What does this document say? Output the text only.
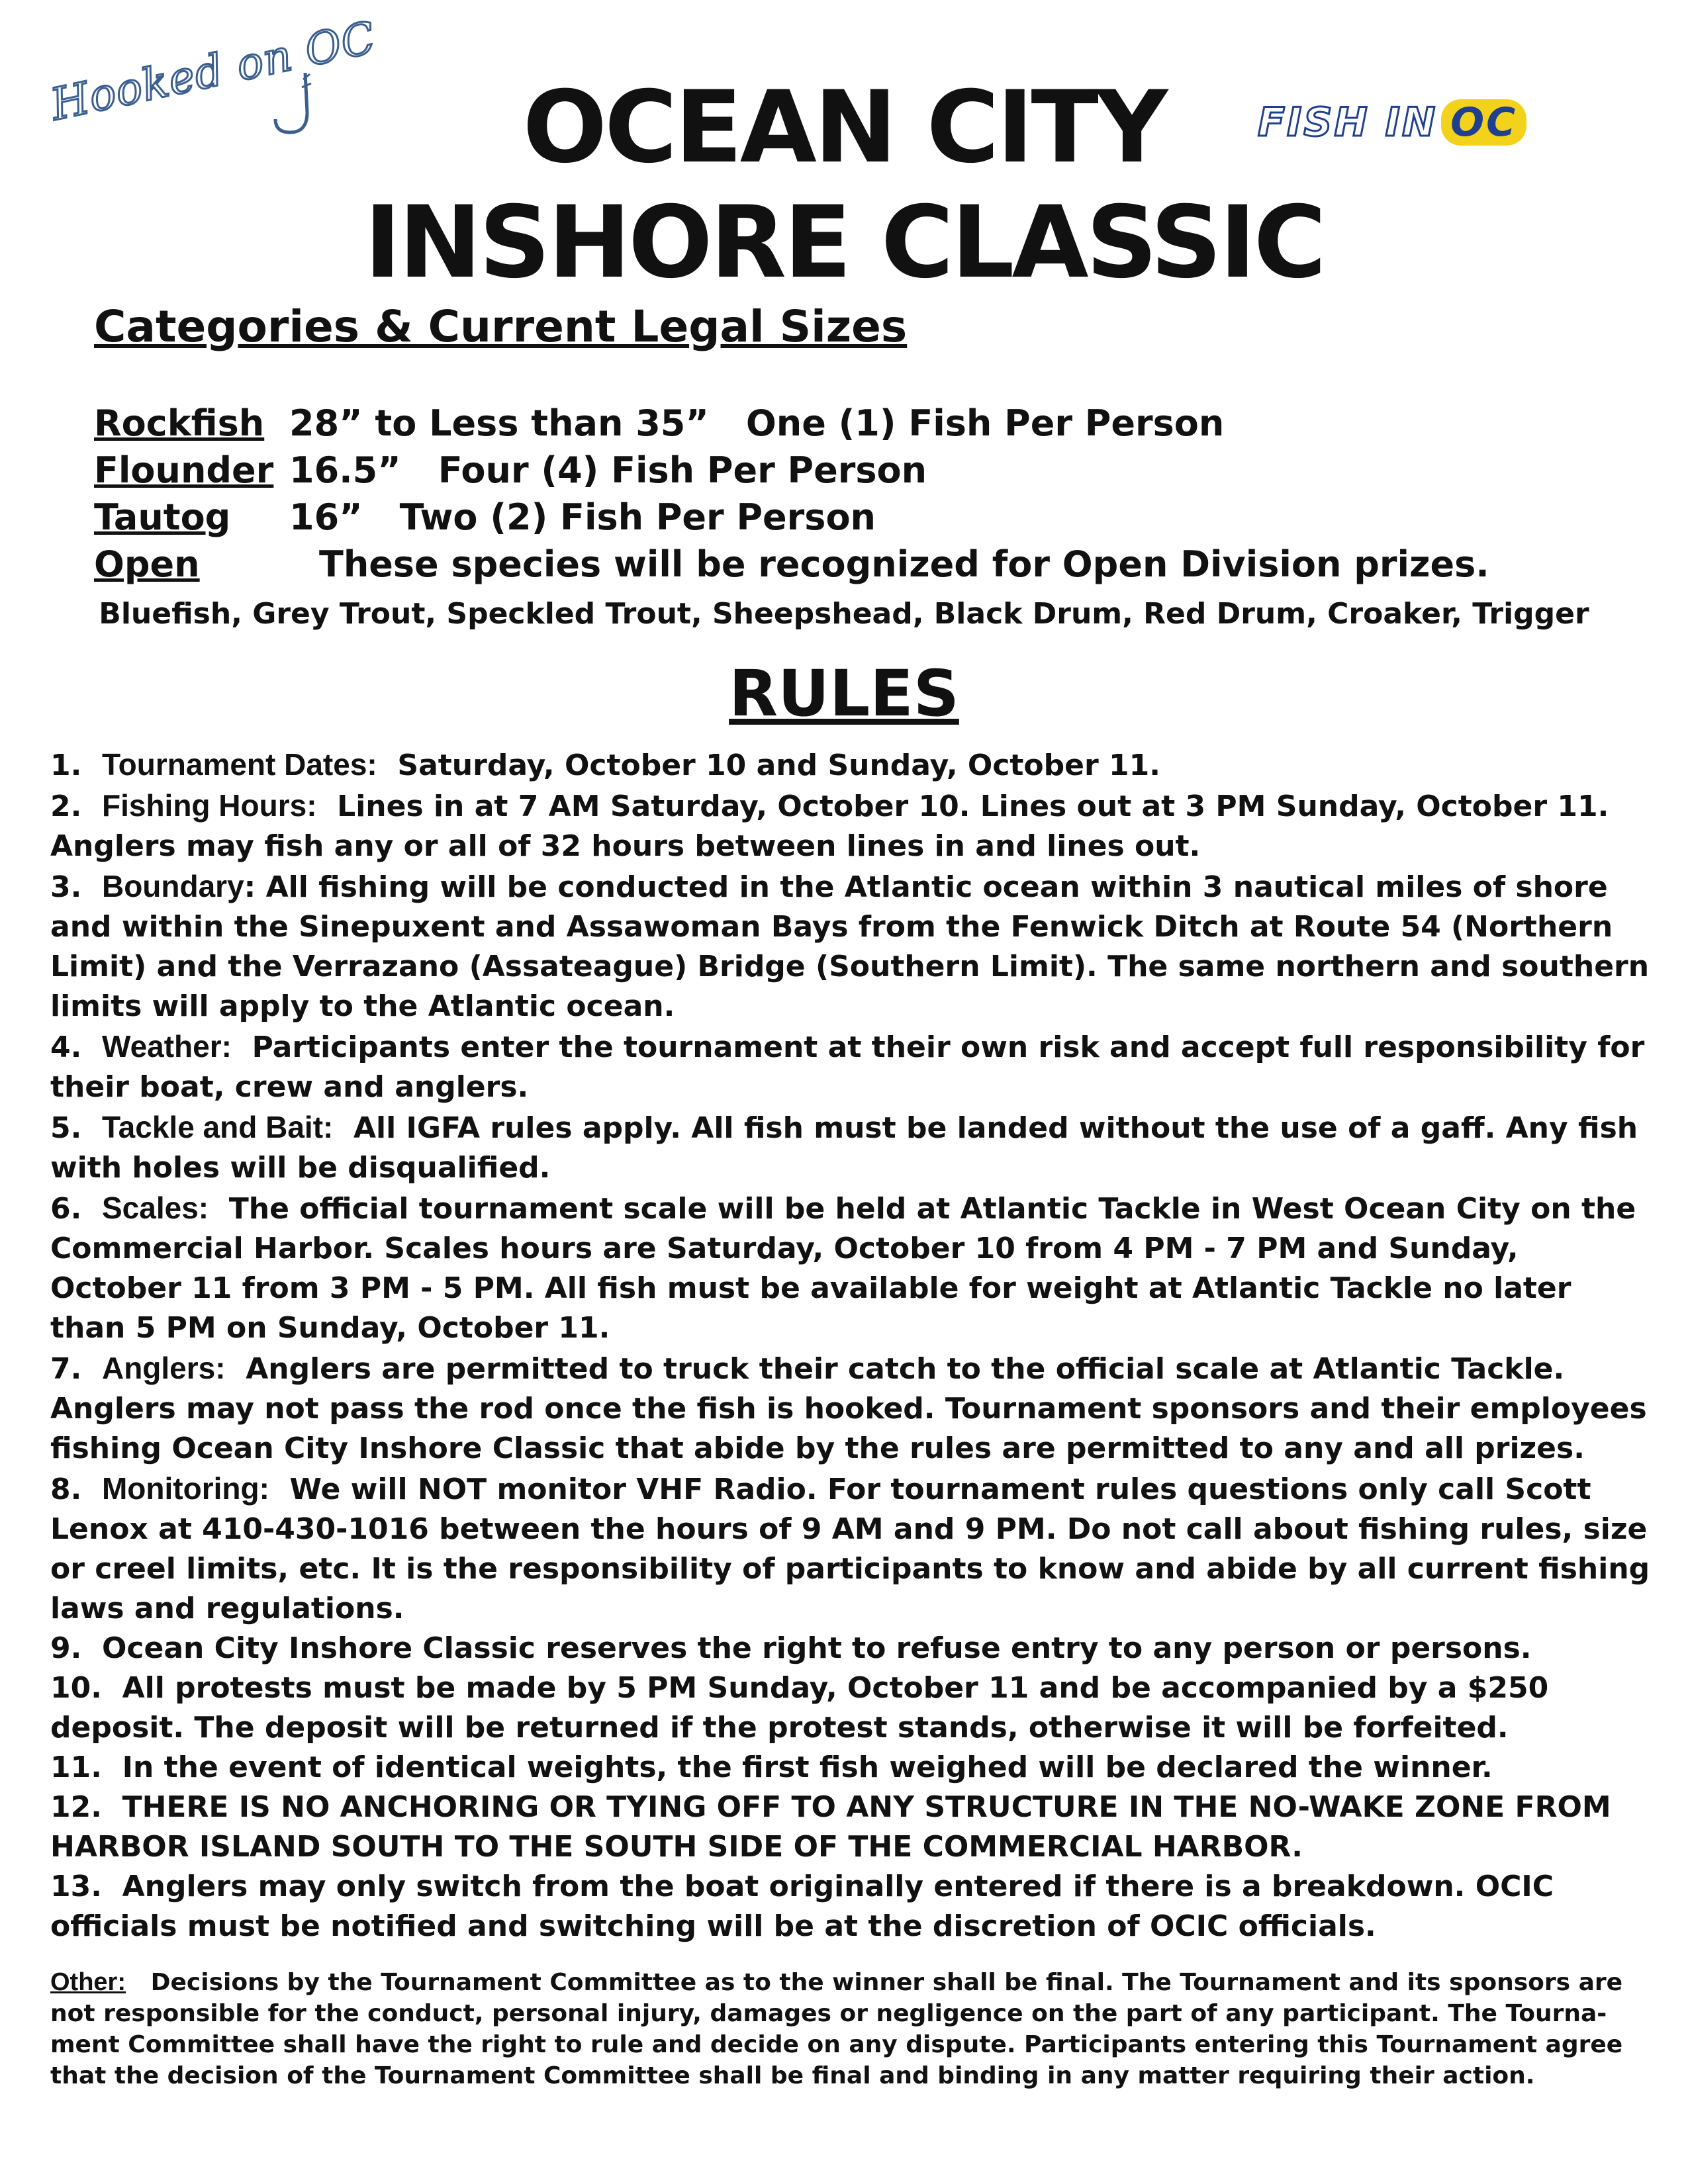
Hooked on OC	FISH IN OC
OCEAN CITY
INSHORE CLASSIC
Categories & Current Legal Sizes
Rockfish 28” to Less than 35” One (1) Fish Per Person
Flounder 16.5” Four (4) Fish Per Person
Tautog 16” Two (2) Fish Per Person
Open	These species will be recognized for Open Division prizes.
Bluefish, Grey Trout, Speckled Trout, Sheepshead, Black Drum, Red Drum, Croaker, Trigger
RULES

1. Tournament Dates: Saturday, October 10 and Sunday, October 11.

2. Fishing Hours: Lines in at 7 AM Saturday, October 10. Lines out at 3 PM Sunday, October 11. Anglers may fish any or all of 32 hours between lines in and lines out.

3. Boundary: All fishing will be conducted in the Atlantic ocean within 3 nautical miles of shore and within the Sinepuxent and Assawoman Bays from the Fenwick Ditch at Route 54 (Northern Limit) and the Verrazano (Assateague) Bridge (Southern Limit). The same northern and southern limits will apply to the Atlantic ocean.

4. Weather: Participants enter the tournament at their own risk and accept full responsibility for their boat, crew and anglers.

5. Tackle and Bait: All IGFA rules apply. All fish must be landed without the use of a gaff. Any fish with holes will be disqualified.

6. Scales: The official tournament scale will be held at Atlantic Tackle in West Ocean City on the Commercial Harbor. Scales hours are Saturday, October 10 from 4 PM - 7 PM and Sunday, October 11 from 3 PM - 5 PM. All fish must be available for weight at Atlantic Tackle no later than 5 PM on Sunday, October 11.

7. Anglers: Anglers are permitted to truck their catch to the official scale at Atlantic Tackle. Anglers may not pass the rod once the fish is hooked. Tournament sponsors and their employees fishing Ocean City Inshore Classic that abide by the rules are permitted to any and all prizes.

8. Monitoring: We will NOT monitor VHF Radio. For tournament rules questions only call Scott Lenox at 410-430-1016 between the hours of 9 AM and 9 PM. Do not call about fishing rules, size or creel limits, etc. It is the responsibility of participants to know and abide by all current fishing laws and regulations.

9. Ocean City Inshore Classic reserves the right to refuse entry to any person or persons.

10. All protests must be made by 5 PM Sunday, October 11 and be accompanied by a $250 deposit. The deposit will be returned if the protest stands, otherwise it will be forfeited.

11. In the event of identical weights, the first fish weighed will be declared the winner.

12. THERE IS NO ANCHORING OR TYING OFF TO ANY STRUCTURE IN THE NO-WAKE ZONE FROM HARBOR ISLAND SOUTH TO THE SOUTH SIDE OF THE COMMERCIAL HARBOR.

13. Anglers may only switch from the boat originally entered if there is a breakdown. OCIC officials must be notified and switching will be at the discretion of OCIC officials.

Other: Decisions by the Tournament Committee as to the winner shall be final. The Tournament and its sponsors are not responsible for the conduct, personal injury, damages or negligence on the part of any participant. The Tourna-ment Committee shall have the right to rule and decide on any dispute. Participants entering this Tournament agree that the decision of the Tournament Committee shall be final and binding in any matter requiring their action.
